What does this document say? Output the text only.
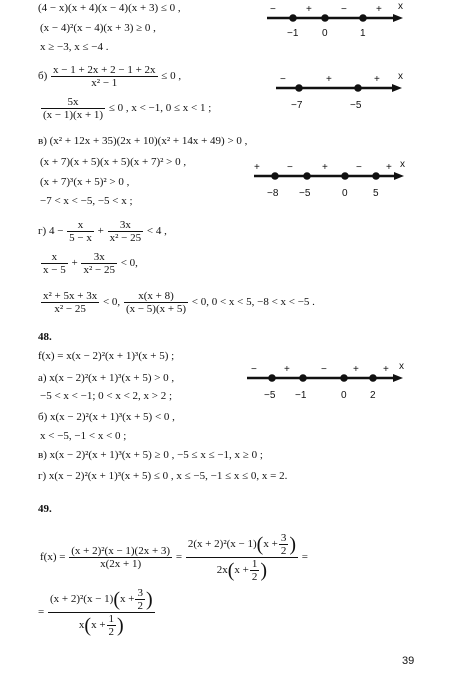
(4 − x)(x + 4)(x − 4)(x + 3) ≤ 0 ,
(x − 4)²(x − 4)(x + 3) ≥ 0 ,
x ≥ −3, x ≤ −4 .
$б) \frac{x - 1 + 2x + 2 - 1 + 2x}{\text{x² − 1}} \le 0$ ,
$\frac{5x}{(x - 1)(x + 1)} \le 0$ , x < −1, 0 ≤ x < 1 ;
в) (x² + 12x + 35)(2x + 10)(x² + 14x + 49) > 0 ,
(x + 7)(x + 5)(x + 5)(x + 7)² > 0 ,
(x + 7)³(x + 5)² > 0 ,
−7 < x < −5, −5 < x ;
г) $4 - \frac{x}{5 - x} + \frac{3x}{\text{x² − 25}} < 4$ ,
$\frac{x}{x - 5} + \frac{3x}{\text{x² − 25}} < 0$,
$\frac{\text{x² + 5x + 3x}}{\text{x² − 25}} < 0$, $\frac{x(x + 8)}{(x - 5)(x + 5)} < 0$, 0 < x < 5, −8 < x < −5 .
48.
f(x) = x(x − 2)²(x + 1)³(x + 5) ;
а) x(x − 2)²(x + 1)³(x + 5) > 0 ,
−5 < x < −1; 0 < x < 2, x > 2 ;
б) x(x − 2)²(x + 1)³(x + 5) < 0 ,
x < −5, −1 < x < 0 ;
в) x(x − 2)²(x + 1)³(x + 5) ≥ 0 , −5 ≤ x ≤ −1, x ≥ 0 ;
г) x(x − 2)²(x + 1)³(x + 5) ≤ 0 , x ≤ −5, −1 ≤ x ≤ 0, x = 2.
49.
$f(x) = \frac{\text{(x + 2)²(x − 1)(2x + 3)}}{x(2x + 1)} = \frac{2(x + 2)^2(x - 1)(x + \frac{3}{2} )}{2x(x + \frac{1}{2} )}$ =
= $\frac{(x + 2)^2(x - 1)(x + \frac{3}{2} )}{x(x + \frac{1}{2} )}$
39
x
−	+	−	+
−1 0	1
x
−	+	+
−7	−5
x
+	−	+	− +
−8 −5	0	5
x
−	+	−	+ +
−5 −1	0 2
